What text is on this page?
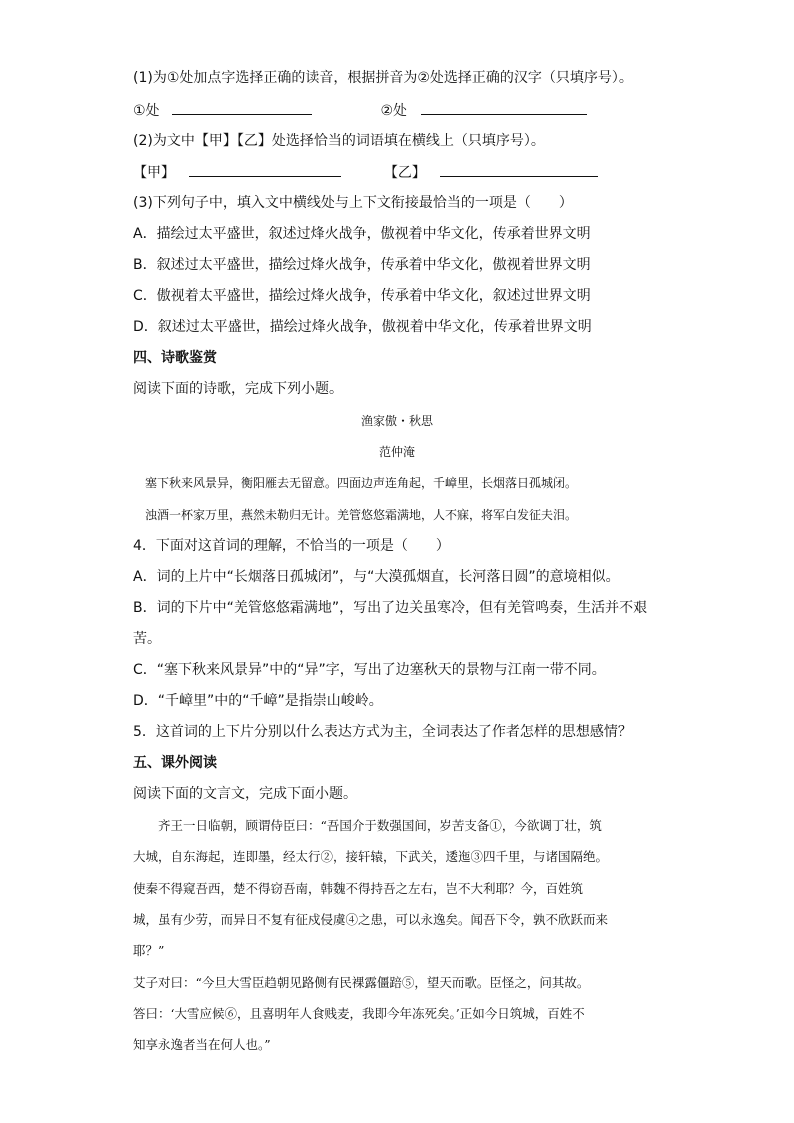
(1)为①处加点字选择正确的读音，根据拼音为②处选择正确的汉字（只填序号）。
①处	②处
(2)为文中【甲】【乙】处选择恰当的词语填在横线上（只填序号）。
【甲】	【乙】
(3)下列句子中，填入文中横线处与上下文衔接最恰当的一项是（　　）
A．描绘过太平盛世，叙述过烽火战争，傲视着中华文化，传承着世界文明
B．叙述过太平盛世，描绘过烽火战争，传承着中华文化，傲视着世界文明
C．傲视着太平盛世，描绘过烽火战争，传承着中华文化，叙述过世界文明
D．叙述过太平盛世，描绘过烽火战争，傲视着中华文化，传承着世界文明
四、诗歌鉴赏
阅读下面的诗歌，完成下列小题。
渔家傲・秋思
范仲淹
塞下秋来风景异，衡阳雁去无留意。四面边声连角起，千嶂里，长烟落日孤城闭。
浊酒一杯家万里，燕然未勒归无计。羌管悠悠霜满地，人不寐，将军白发征夫泪。
4．下面对这首词的理解，不恰当的一项是（　　）
A．词的上片中“长烟落日孤城闭”，与“大漠孤烟直，长河落日圆”的意境相似。
B．词的下片中“羌管悠悠霜满地”，写出了边关虽寒冷，但有羌管鸣奏，生活并不艰
苦。
C．“塞下秋来风景异”中的“异”字，写出了边塞秋天的景物与江南一带不同。
D．“千嶂里”中的“千嶂”是指崇山峻岭。
5．这首词的上下片分别以什么表达方式为主，全词表达了作者怎样的思想感情？
五、课外阅读
阅读下面的文言文，完成下面小题。
齐王一日临朝，顾谓侍臣曰：“吾国介于数强国间，岁苦支备①，今欲调丁壮，筑
大城，自东海起，连即墨，经太行②，接轩辕，下武关，逶迤③四千里，与诸国隔绝。
使秦不得窥吾西，楚不得窃吾南，韩魏不得持吾之左右，岂不大利耶？今，百姓筑
城，虽有少劳，而异日不复有征戍侵虞④之患，可以永逸矣。闻吾下令，孰不欣跃而来
耶？”
艾子对曰：“今旦大雪臣趋朝见路侧有民裸露僵踣⑤，望天而歌。臣怪之，问其故。
答曰：‘大雪应候⑥，且喜明年人食贱麦，我即今年冻死矣。’正如今日筑城，百姓不
知享永逸者当在何人也。”
